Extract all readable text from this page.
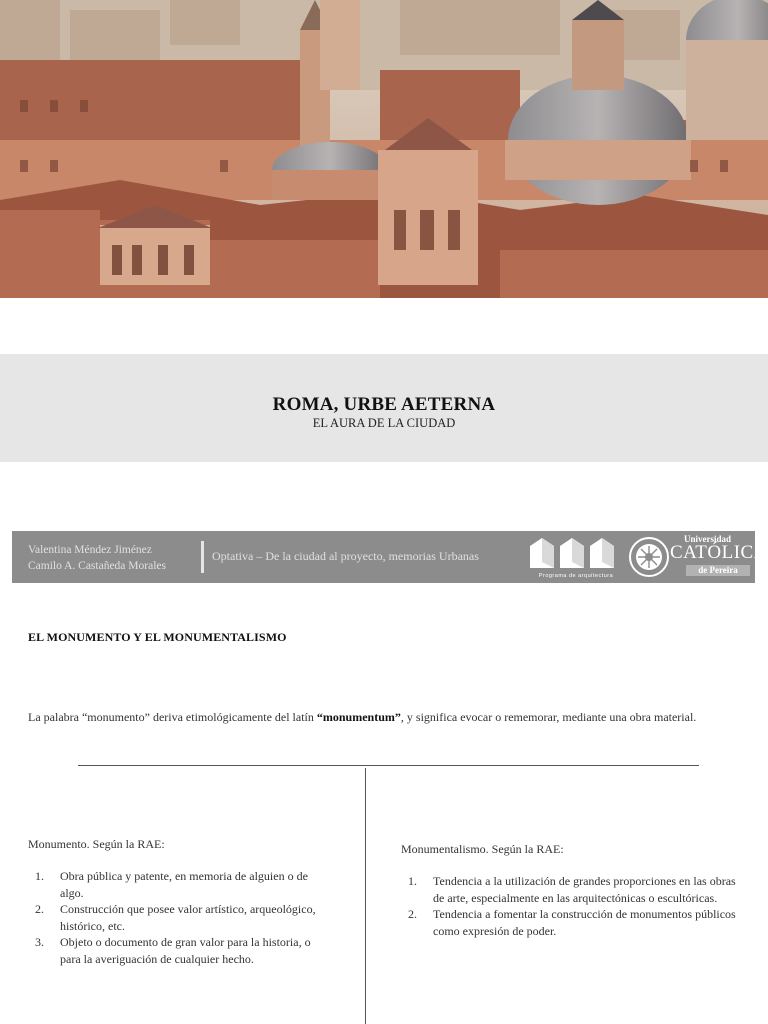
ROMA, URBE AETERNA
EL AURA DE LA CIUDAD
Valentina Méndez Jiménez
Camilo A. Castañeda Morales
Optativa – De la ciudad al proyecto, memorias Urbanas
Programa de arquitectura
Universidad
CATÓLICA
de Pereira
EL MONUMENTO Y EL MONUMENTALISMO
La palabra “monumento” deriva etimológicamente del latín “monumentum”, y significa evocar o rememorar, mediante una obra material.
Monumento. Según la RAE:
1. Obra pública y patente, en memoria de alguien o de algo.
2. Construcción que posee valor artístico, arqueológico, histórico, etc.
3. Objeto o documento de gran valor para la historia, o para la averiguación de cualquier hecho.
Monumentalismo. Según la RAE:
1. Tendencia a la utilización de grandes proporciones en las obras de arte, especialmente en las arquitectónicas o escultóricas.
2. Tendencia a fomentar la construcción de monumentos públicos como expresión de poder.
